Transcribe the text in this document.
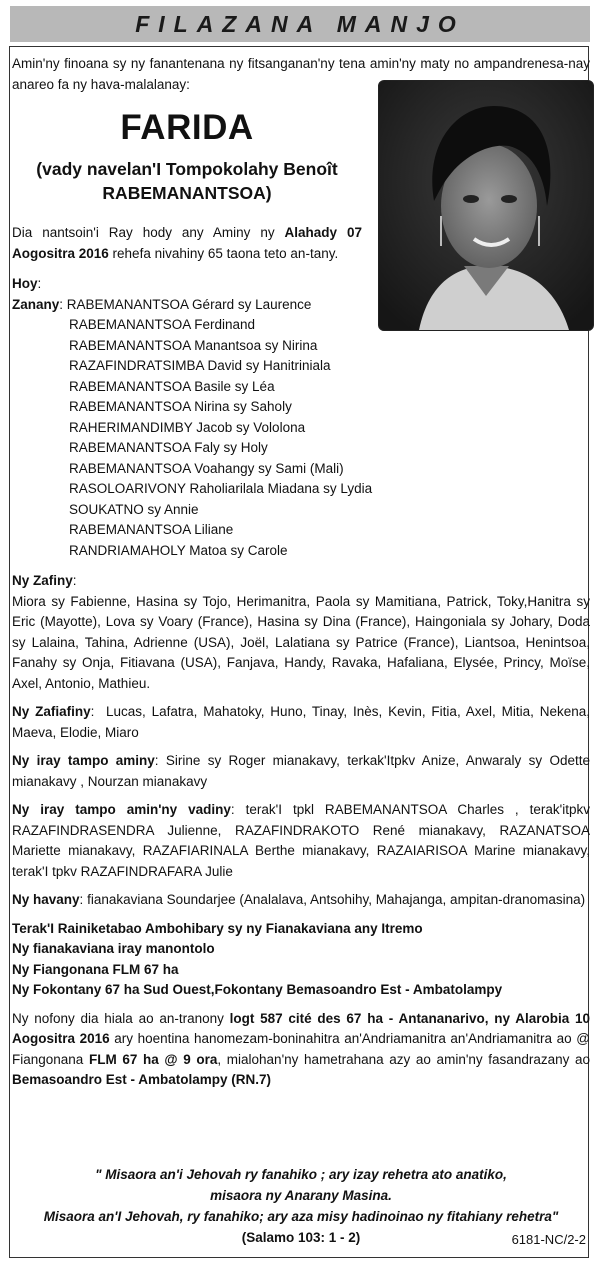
FILAZANA MANJO

Amin'ny finoana sy ny fanantenana ny fitsanganan'ny tena amin'ny maty no ampandrenesa-nay anareo fa ny hava-malalanay:

FARIDA
(vady navelan'I Tompokolahy Benoît
RABEMANANTSOA)
Dia nantsoin'i Ray hody any Aminy ny Alahady 07 Aogositra 2016 rehefa nivahiny 65 taona teto an-tany.
Hoy:
Zanany: RABEMANANTSOA Gérard sy Laurence
RABEMANANTSOA Ferdinand
RABEMANANTSOA Manantsoa sy Nirina
RAZAFINDRATSIMBA David sy Hanitriniala
RABEMANANTSOA Basile sy Léa
RABEMANANTSOA Nirina sy Saholy
RAHERIMANDIMBY Jacob sy Vololona
RABEMANANTSOA Faly sy Holy
RABEMANANTSOA Voahangy sy Sami (Mali)
RASOLOARIVONY Raholiarilala Miadana sy Lydia
SOUKATNO sy Annie
RABEMANANTSOA Liliane
RANDRIAMAHOLY Matoa sy Carole
Ny Zafiny:
Miora sy Fabienne, Hasina sy Tojo, Herimanitra, Paola sy Mamitiana, Patrick, Toky,Hanitra sy Eric (Mayotte), Lova sy Voary (France), Hasina sy Dina (France), Haingoniala sy Johary, Doda sy Lalaina, Tahina, Adrienne (USA), Joël, Lalatiana sy Patrice (France), Liantsoa, Henintsoa, Fanahy sy Onja, Fitiavana (USA), Fanjava, Handy, Ravaka, Hafaliana, Elysée, Princy, Moïse, Axel, Antonio, Mathieu.
Ny Zafiafiny:  Lucas, Lafatra, Mahatoky, Huno, Tinay, Inès, Kevin, Fitia, Axel, Mitia, Nekena, Maeva, Elodie, Miaro
Ny iray tampo aminy: Sirine sy Roger mianakavy, terkak'Itpkv Anize, Anwaraly sy Odette mianakavy , Nourzan mianakavy
Ny iray tampo amin'ny vadiny: terak'I tpkl RABEMANANTSOA Charles , terak'itpkv RAZAFINDRASENDRA Julienne, RAZAFINDRAKOTO René mianakavy, RAZANATSOA Mariette mianakavy, RAZAFIARINALA Berthe mianakavy, RAZAIARISOA Marine mianakavy, terak'I tpkv RAZAFINDRAFARA Julie
Ny havany: fianakaviana Soundarjee (Analalava, Antsohihy, Mahajanga, ampitan-dranomasina)
Terak'I Rainiketabao Ambohibary sy ny Fianakaviana any Itremo
Ny fianakaviana iray manontolo
Ny Fiangonana FLM 67 ha
Ny Fokontany 67 ha Sud Ouest,Fokontany Bemasoandro Est - Ambatolampy
Ny nofony dia hiala ao an-tranony logt 587 cité des 67 ha - Antananarivo, ny Alarobia 10 Aogositra 2016 ary hoentina hanomezam-boninahitra an'Andriamanitra an'Andriamanitra ao @ Fiangonana FLM 67 ha @ 9 ora, mialohan'ny hametrahana azy ao amin'ny fasandrazany ao Bemasoandro Est - Ambatolampy (RN.7)
" Misaora an'i Jehovah ry fanahiko ; ary izay rehetra ato anatiko,
misaora ny Anarany Masina.
Misaora an'I Jehovah, ry fanahiko; ary aza misy hadinoinao ny fitahiany rehetra"
(Salamo 103: 1 - 2)	6181-NC/2-2
